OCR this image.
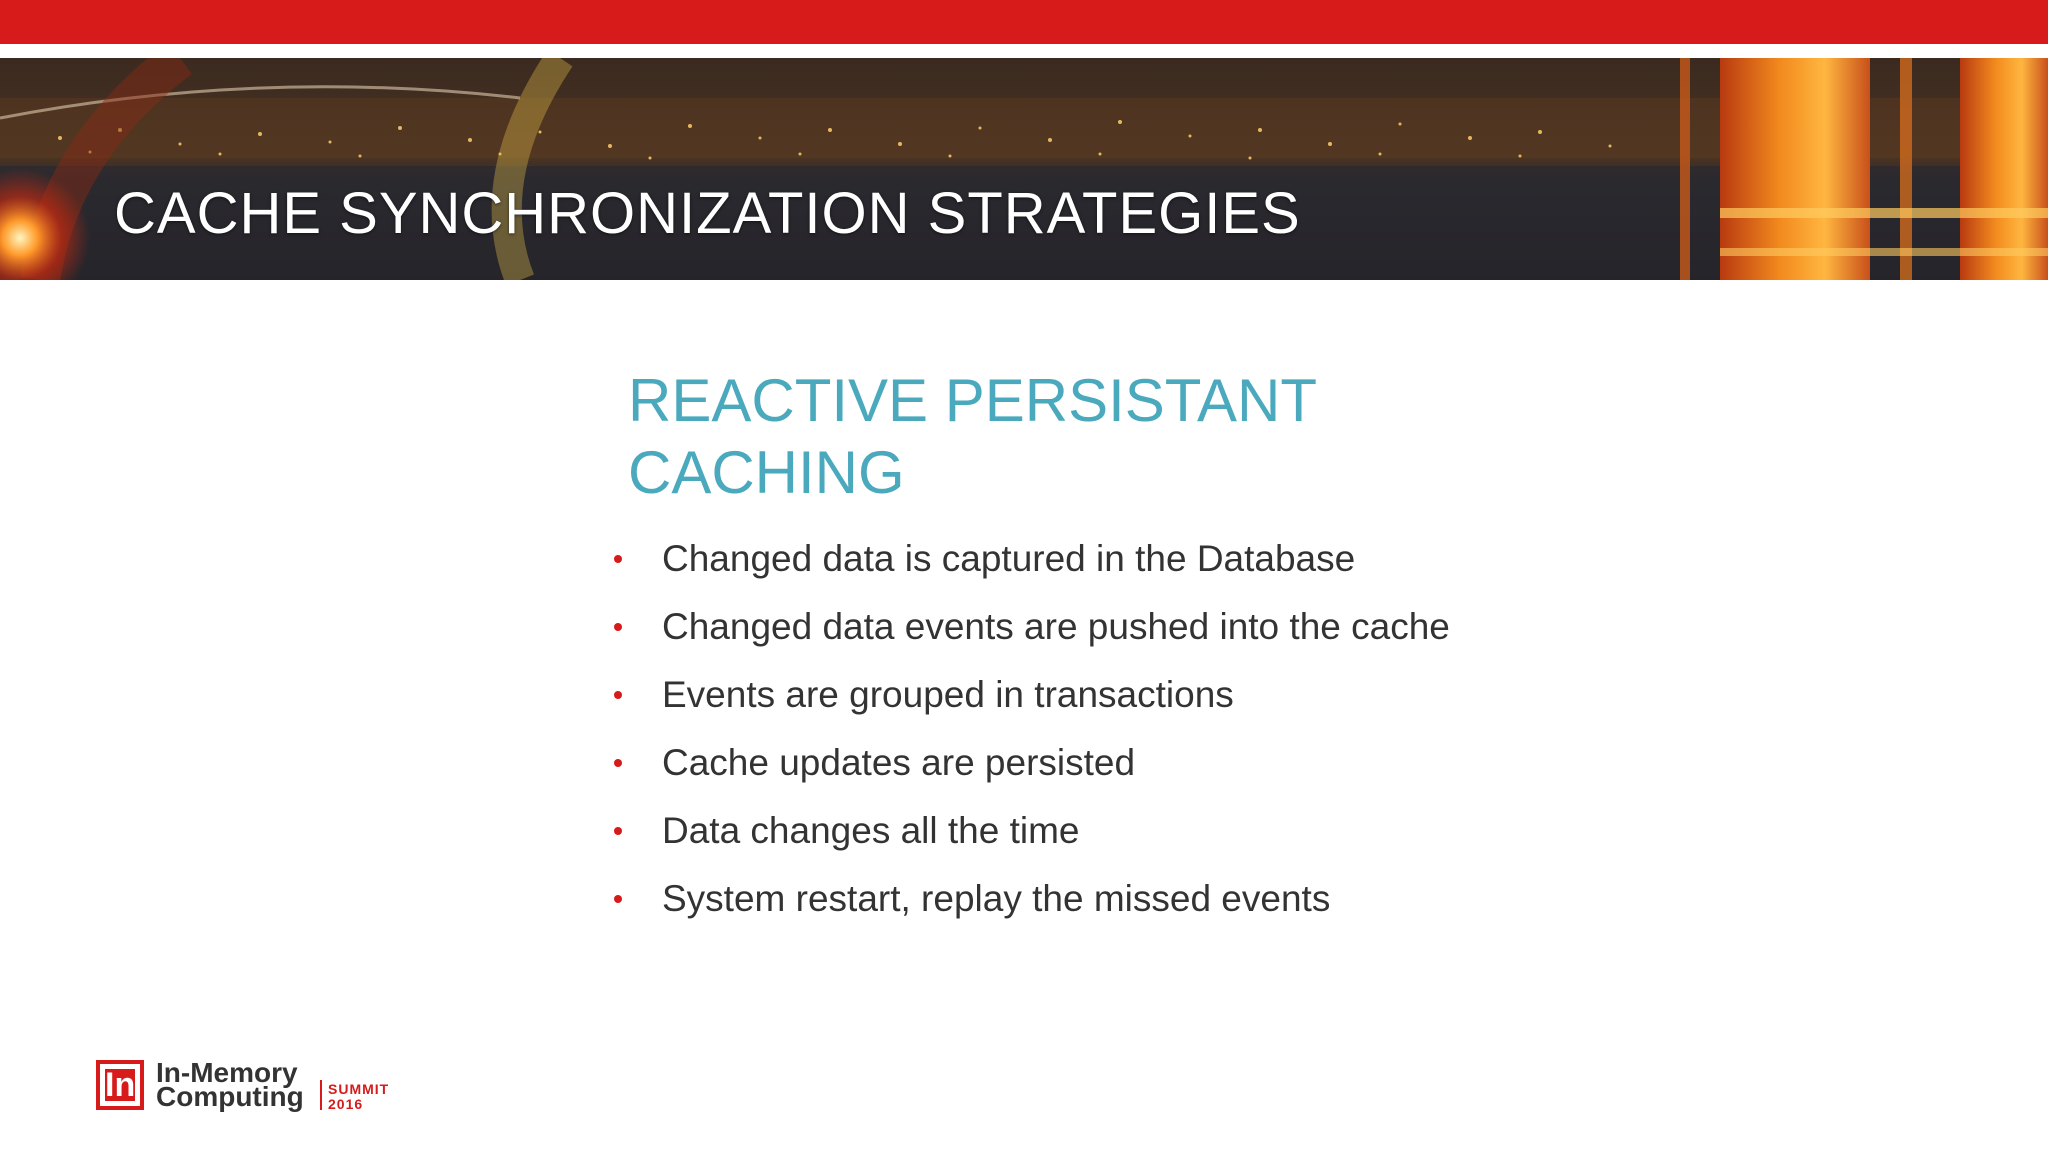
CACHE SYNCHRONIZATION STRATEGIES
REACTIVE PERSISTANT CACHING
Changed data is captured in the Database
Changed data events are pushed into the cache
Events are grouped in transactions
Cache updates are persisted
Data changes all the time
System restart, replay the missed events
In In-Memory
Computing SUMMIT
2016
